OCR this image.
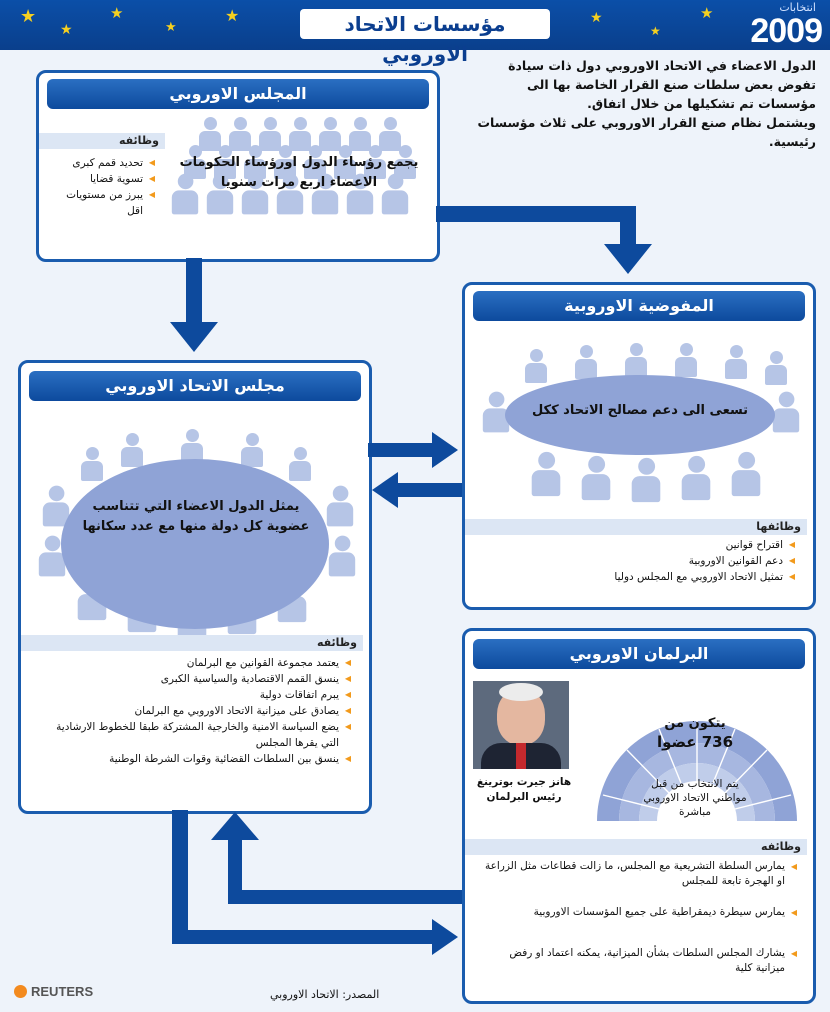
★
★
★
★
★	★
★
★
مؤسسات الاتحاد الاوروبي
انتخابات
2009
الدول الاعضاء في الاتحاد الاوروبي دول ذات سيادة
تفوض بعض سلطات صنع القرار الخاصة بها الى
مؤسسات تم تشكيلها من خلال اتفاق.
ويشتمل نظام صنع القرار الاوروبي على ثلاث مؤسسات
رئيسية.
المجلس الاوروبي
وظائفه
◀ تحديد قمم كبرى
◀ تسوية قضايا
◀ يبرز من مستويات اقل
يجمع رؤساء الدول اورؤساء الحكومات الاعضاء اربع مرات سنويا
المفوضية الاوروبية
تسعى الى دعم مصالح الاتحاد ككل
وظائفها
◀ اقتراح قوانين
◀ دعم القوانين الاوروبية
◀ تمثيل الاتحاد الاوروبي مع المجلس دوليا
مجلس الاتحاد الاوروبي
يمثل الدول الاعضاء التي تتناسب عضوية كل دولة منها مع عدد سكانها
وظائفه
◀ يعتمد مجموعة القوانين مع البرلمان
◀ ينسق القمم الاقتصادية والسياسية الكبرى
◀ يبرم اتفاقات دولية
◀ يصادق على ميزانية الاتحاد الاوروبي مع البرلمان
◀ يضع السياسة الامنية والخارجية المشتركة طبقا للخطوط الارشادية التي يقرها المجلس
◀ ينسق بين السلطات القضائية وقوات الشرطة الوطنية
البرلمان الاوروبي
هانز جيرت بوترينغ
رئيس البرلمان
يتكون من
736 عضوا
يتم الانتخاب من قبل مواطني الاتحاد الاوروبي مباشرة
وظائفه
◀ يمارس السلطة التشريعية مع المجلس، ما زالت قطاعات مثل الزراعة او الهجرة تابعة للمجلس
◀ يمارس سيطرة ديمقراطية على جميع المؤسسات الاوروبية
◀ يشارك المجلس السلطات بشأن الميزانية، يمكنه اعتماد او رفض ميزانية كلية
REUTERS	المصدر: الاتحاد الاوروبي
